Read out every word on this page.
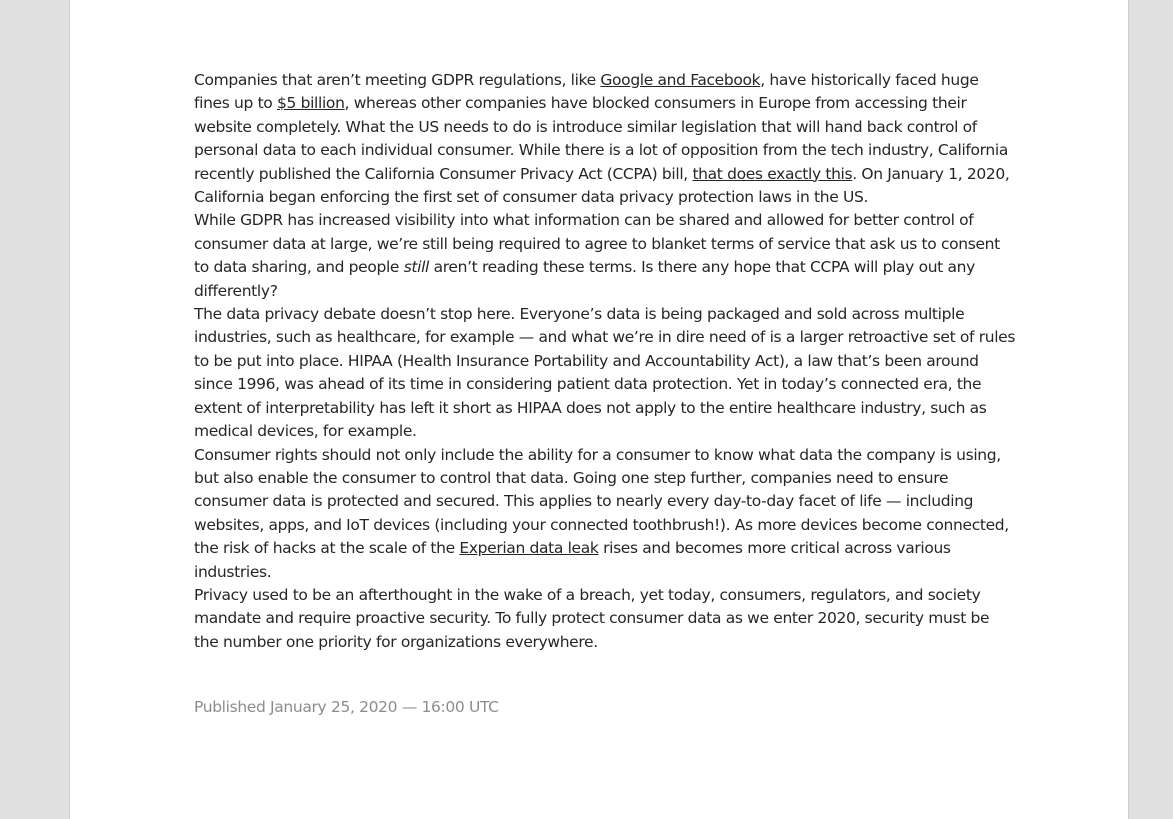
Companies that aren’t meeting GDPR regulations, like Google and Facebook, have historically faced huge fines up to $5 billion, whereas other companies have blocked consumers in Europe from accessing their website completely. What the US needs to do is introduce similar legislation that will hand back control of personal data to each individual consumer. While there is a lot of opposition from the tech industry, California recently published the California Consumer Privacy Act (CCPA) bill, that does exactly this. On January 1, 2020, California began enforcing the first set of consumer data privacy protection laws in the US.

While GDPR has increased visibility into what information can be shared and allowed for better control of consumer data at large, we’re still being required to agree to blanket terms of service that ask us to consent to data sharing, and people still aren’t reading these terms. Is there any hope that CCPA will play out any differently?

The data privacy debate doesn’t stop here. Everyone’s data is being packaged and sold across multiple industries, such as healthcare, for example — and what we’re in dire need of is a larger retroactive set of rules to be put into place. HIPAA (Health Insurance Portability and Accountability Act), a law that’s been around since 1996, was ahead of its time in considering patient data protection. Yet in today’s connected era, the extent of interpretability has left it short as HIPAA does not apply to the entire healthcare industry, such as medical devices, for example.

Consumer rights should not only include the ability for a consumer to know what data the company is using, but also enable the consumer to control that data. Going one step further, companies need to ensure consumer data is protected and secured. This applies to nearly every day-to-day facet of life — including websites, apps, and IoT devices (including your connected toothbrush!). As more devices become connected, the risk of hacks at the scale of the Experian data leak rises and becomes more critical across various industries.

Privacy used to be an afterthought in the wake of a breach, yet today, consumers, regulators, and society mandate and require proactive security. To fully protect consumer data as we enter 2020, security must be the number one priority for organizations everywhere.

Published January 25, 2020 — 16:00 UTC
